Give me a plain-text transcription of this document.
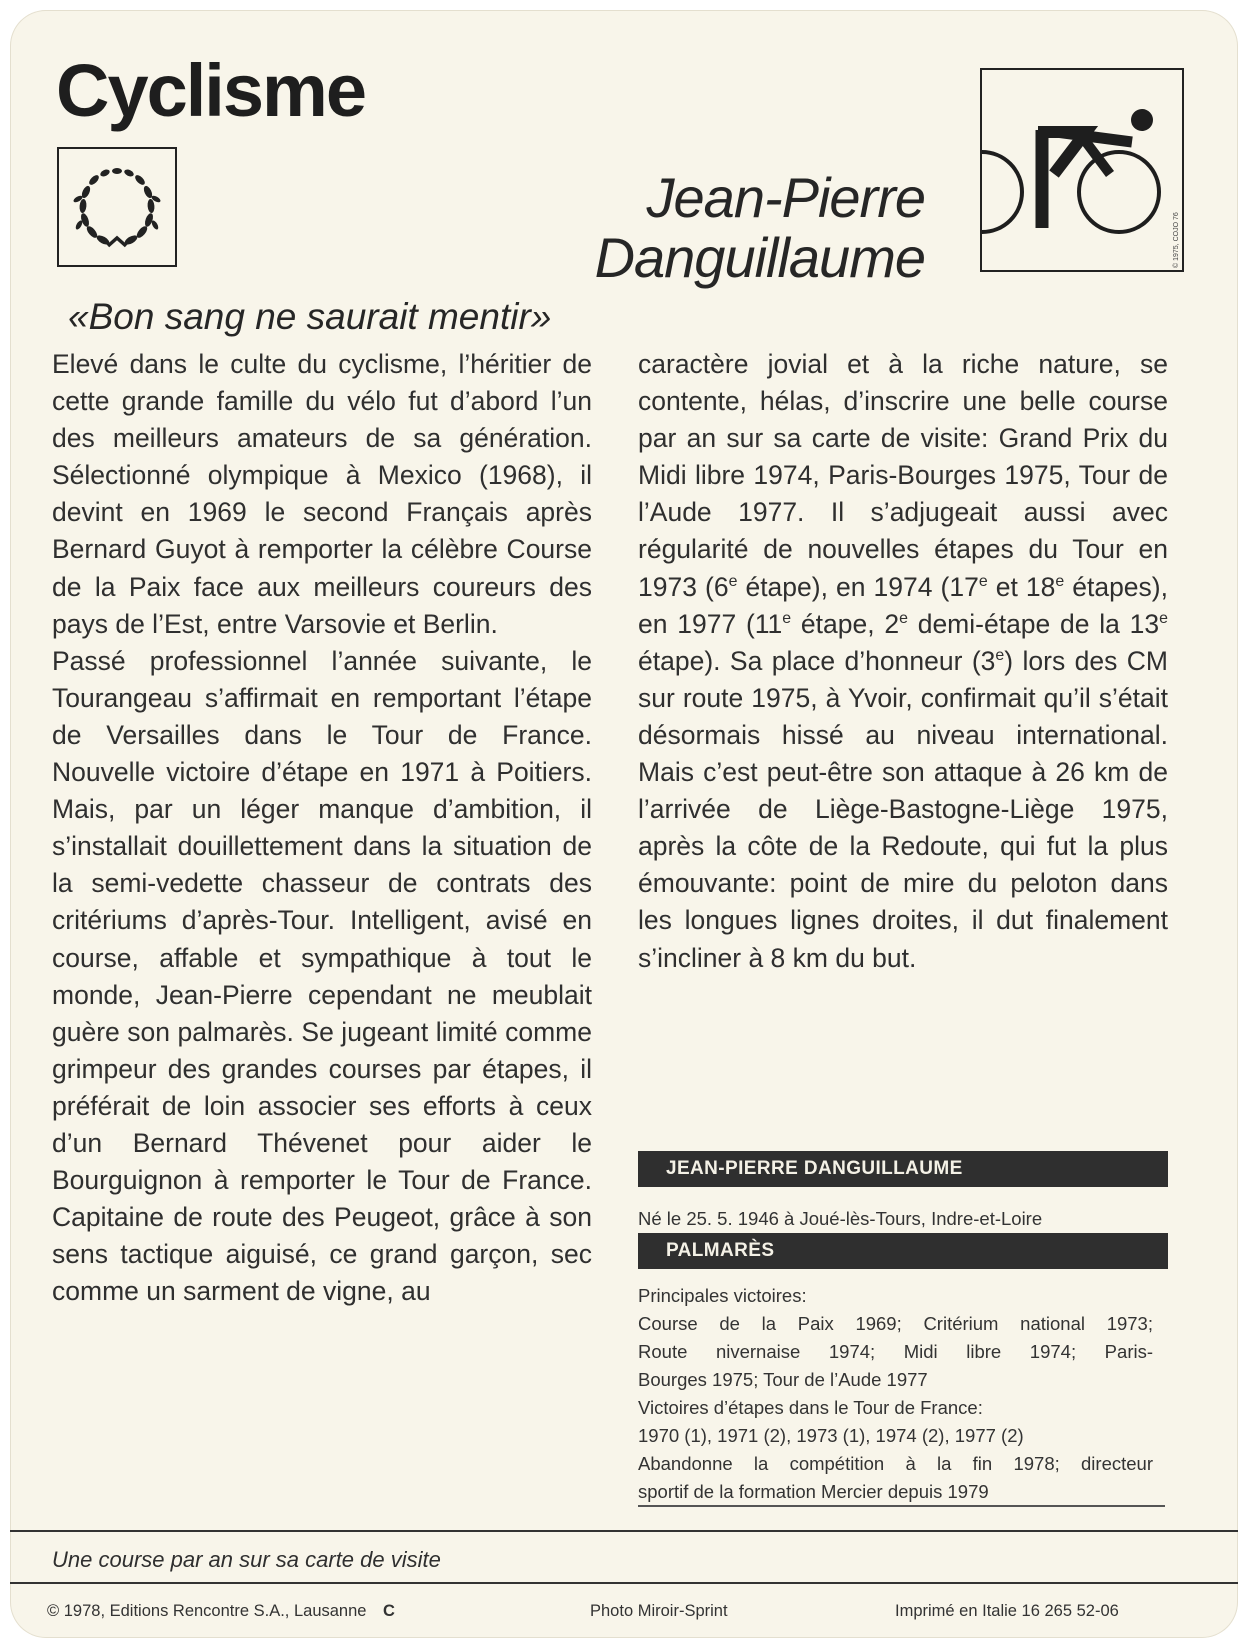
Cyclisme
Jean-Pierre
Danguillaume	© 1975, COJO 76
«Bon sang ne saurait mentir»

Elevé dans le culte du cyclisme, l’héritier de cette grande famille du vélo fut d’abord l’un des meilleurs amateurs de sa génération. Sélectionné olympique à Mexico (1968), il devint en 1969 le second Français après Bernard Guyot à remporter la célèbre Course de la Paix face aux meilleurs coureurs des pays de l’Est, entre Varsovie et Berlin.

Passé professionnel l’année suivante, le Tourangeau s’affirmait en remportant l’étape de Versailles dans le Tour de France. Nouvelle victoire d’étape en 1971 à Poitiers. Mais, par un léger manque d’ambition, il s’installait douillettement dans la situation de la semi-vedette chasseur de contrats des critériums d’après-Tour. Intelligent, avisé en course, affable et sympathique à tout le monde, Jean-Pierre cependant ne meublait guère son palmarès. Se jugeant limité comme grimpeur des grandes courses par étapes, il préférait de loin associer ses efforts à ceux d’un Bernard Thévenet pour aider le Bourguignon à remporter le Tour de France. Capitaine de route des Peugeot, grâce à son sens tactique aiguisé, ce grand garçon, sec comme un sarment de vigne, au

caractère jovial et à la riche nature, se contente, hélas, d’inscrire une belle course par an sur sa carte de visite: Grand Prix du Midi libre 1974, Paris-Bourges 1975, Tour de l’Aude 1977. Il s’adjugeait aussi avec régularité de nouvelles étapes du Tour en 1973 (6e étape), en 1974 (17e et 18e étapes), en 1977 (11e étape, 2e demi-étape de la 13e étape). Sa place d’honneur (3e) lors des CM sur route 1975, à Yvoir, confirmait qu’il s’était désormais hissé au niveau international. Mais c’est peut-être son attaque à 26 km de l’arrivée de Liège-Bastogne-Liège 1975, après la côte de la Redoute, qui fut la plus émouvante: point de mire du peloton dans les longues lignes droites, il dut finalement s’incliner à 8 km du but.

JEAN-PIERRE DANGUILLAUME
Né le 25. 5. 1946 à Joué-lès-Tours, Indre-et-Loire
PALMARÈS
Principales victoires:
Course de la Paix 1969; Critérium national 1973;
Route nivernaise 1974; Midi libre 1974; Paris-
Bourges 1975; Tour de l’Aude 1977
Victoires d’étapes dans le Tour de France:
1970 (1), 1971 (2), 1973 (1), 1974 (2), 1977 (2)
Abandonne la compétition à la fin 1978; directeur
sportif de la formation Mercier depuis 1979
Une course par an sur sa carte de visite
© 1978, Editions Rencontre S.A., Lausanne C	Photo Miroir-Sprint	Imprimé en Italie 16 265 52-06
